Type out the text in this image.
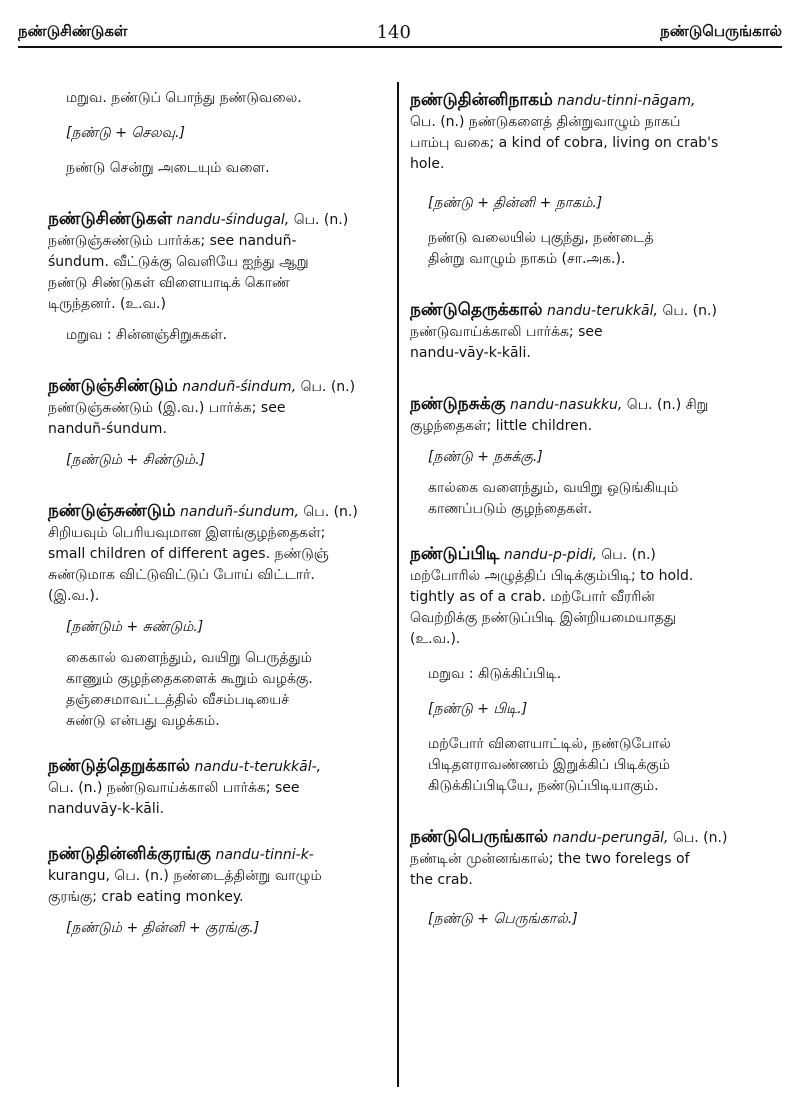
நண்டுசிண்டுகள்	140	நண்டுபெருங்கால்
மறுவ. நண்டுப் பொந்து நண்டுவலை.
[நண்டு + செலவு.]
நண்டு சென்று அடையும் வளை.

நண்டுசிண்டுகள் nandu-śindugal, பெ. (n.)

நண்டுஞ்சுண்டும் பார்க்க; see nanduñ-

śundum. வீட்டுக்கு வெளியே ஐந்து ஆறு

நண்டு சிண்டுகள் விளையாடிக் கொண்

டிருந்தனர். (உ.வ.)

மறுவ : சின்னஞ்சிறுசுகள்.

நண்டுஞ்சிண்டும் nanduñ-śindum, பெ. (n.)

நண்டுஞ்சுண்டும் (இ.வ.) பார்க்க; see

nanduñ-śundum.

[நண்டும் + சிண்டும்.]

நண்டுஞ்சுண்டும் nanduñ-śundum, பெ. (n.)

சிறியவும் பெரியவுமான இளங்குழந்தைகள்;

small children of different ages. நண்டுஞ்

சுண்டுமாக விட்டுவிட்டுப் போய் விட்டார்.

(இ.வ.).

[நண்டும் + சுண்டும்.]
கைகால் வளைந்தும், வயிறு பெருத்தும்
காணும் குழந்தைகளைக் கூறும் வழக்கு.
தஞ்சைமாவட்டத்தில் வீசம்படியைச்
சுண்டு என்பது வழக்கம்.

நண்டுத்தெறுக்கால் nandu-t-terukkāl-,

பெ. (n.) நண்டுவாய்க்காலி பார்க்க; see

nanduvāy-k-kāli.

நண்டுதின்னிக்குரங்கு nandu-tinni-k-

kurangu, பெ. (n.) நண்டைத்தின்று வாழும்

குரங்கு; crab eating monkey.

[நண்டும் + தின்னி + குரங்கு.]

நண்டுதின்னிநாகம் nandu-tinni-nāgam,

பெ. (n.) நண்டுகளைத் தின்றுவாழும் நாகப்

பாம்பு வகை; a kind of cobra, living on crab's

hole.

[நண்டு + தின்னி + நாகம்.]
நண்டு வலையில் புகுந்து, நண்டைத்
தின்று வாழும் நாகம் (சா.அக.).

நண்டுதெருக்கால் nandu-terukkāl, பெ. (n.)

நண்டுவாய்க்காலி பார்க்க; see

nandu-vāy-k-kāli.

நண்டுநசுக்கு nandu-nasukku, பெ. (n.) சிறு

குழந்தைகள்; little children.

[நண்டு + நசுக்கு.]
கால்கை வளைந்தும், வயிறு ஒடுங்கியும்
காணப்படும் குழந்தைகள்.

நண்டுப்பிடி nandu-p-pidi, பெ. (n.)

மற்போரில் அழுத்திப் பிடிக்கும்பிடி; to hold.

tightly as of a crab. மற்போர் வீரரின்

வெற்றிக்கு நண்டுப்பிடி இன்றியமையாதது

(உ.வ.).

மறுவ : கிடுக்கிப்பிடி.
[நண்டு + பிடி.]
மற்போர் விளையாட்டில், நண்டுபோல்
பிடிதளராவண்ணம் இறுக்கிப் பிடிக்கும்
கிடுக்கிப்பிடியே, நண்டுப்பிடியாகும்.

நண்டுபெருங்கால் nandu-perungāl, பெ. (n.)

நண்டின் முன்னங்கால்; the two forelegs of

the crab.

[நண்டு + பெருங்கால்.]
